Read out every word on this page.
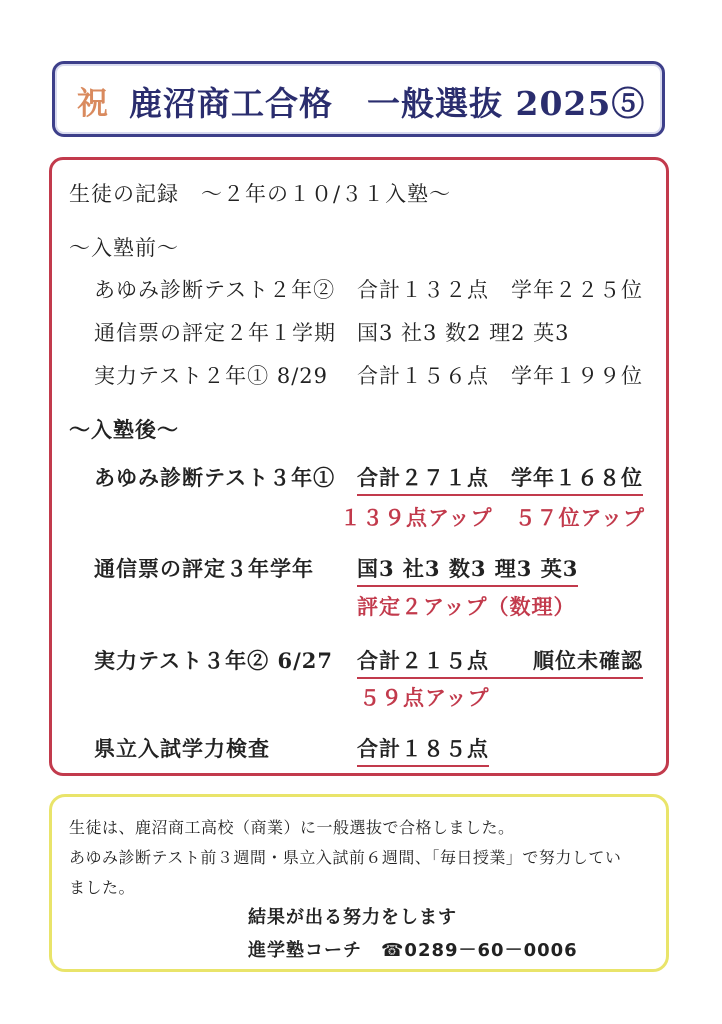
祝 鹿沼商工合格　一般選抜 2025⑤
生徒の記録　～２年の１０/３１入塾～
～入塾前～
あゆみ診断テスト２年② 合計１３２点　学年２２５位
通信票の評定２年１学期 国3 社3 数2 理2 英3
実力テスト２年① 8/29 合計１５６点　学年１９９位
～入塾後～
あゆみ診断テスト３年① 合計２７１点　学年１６８位
１３９点アップ　５７位アップ
通信票の評定３年学年 国3 社3 数3 理3 英3
評定２アップ（数理）
実力テスト３年② 6/27 合計２１５点　　順位未確認
５９点アップ
県立入試学力検査	合計１８５点
生徒は、鹿沼商工高校（商業）に一般選抜で合格しました。
あゆみ診断テスト前３週間・県立入試前６週間、「毎日授業」で努力してい
ました。
結果が出る努力をします
進学塾コーチ　☎0289－60－0006
